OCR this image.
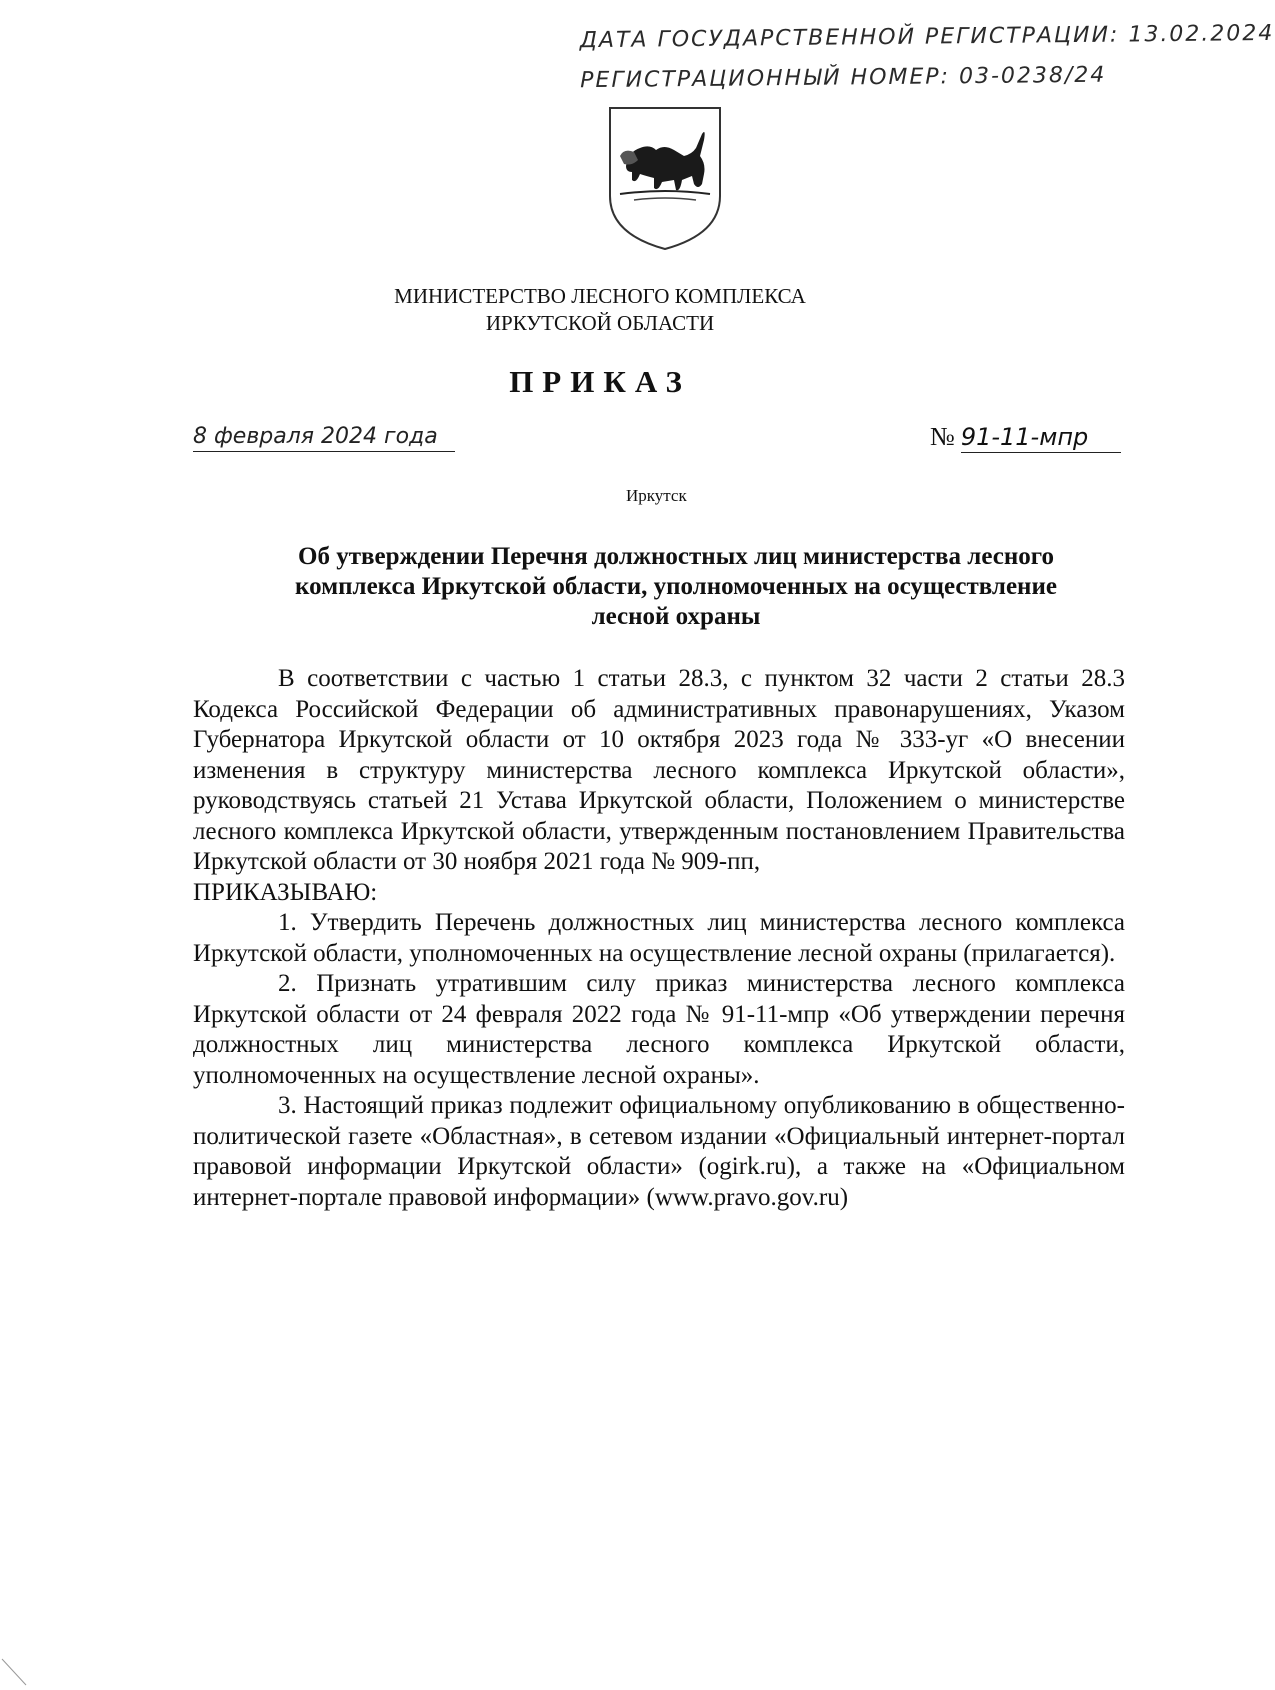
ДАТА ГОСУДАРСТВЕННОЙ РЕГИСТРАЦИИ: 13.02.2024
РЕГИСТРАЦИОННЫЙ НОМЕР: 03-0238/24
МИНИСТЕРСТВО ЛЕСНОГО КОМПЛЕКСА
ИРКУТСКОЙ ОБЛАСТИ
ПРИКАЗ
8 февраля 2024 года	№ 91-11-мпр
Иркутск
Об утверждении Перечня должностных лиц министерства лесного
комплекса Иркутской области, уполномоченных на осуществление
лесной охраны

В соответствии с частью 1 статьи 28.3, с пунктом 32 части 2 статьи 28.3 Кодекса Российской Федерации об административных правонарушениях, Указом Губернатора Иркутской области от 10 октября 2023 года № 333-уг «О внесении изменения в структуру министерства лесного комплекса Иркутской области», руководствуясь статьей 21 Устава Иркутской области, Положением о министерстве лесного комплекса Иркутской области, утвержденным постановлением Правительства Иркутской области от 30 ноября 2021 года № 909-пп,

ПРИКАЗЫВАЮ:

1. Утвердить Перечень должностных лиц министерства лесного комплекса Иркутской области, уполномоченных на осуществление лесной охраны (прилагается).

2. Признать утратившим силу приказ министерства лесного комплекса Иркутской области от 24 февраля 2022 года № 91-11-мпр «Об утверждении перечня должностных лиц министерства лесного комплекса Иркутской области, уполномоченных на осуществление лесной охраны».

3. Настоящий приказ подлежит официальному опубликованию в общественно-политической газете «Областная», в сетевом издании «Официальный интернет-портал правовой информации Иркутской области» (ogirk.ru), а также на «Официальном интернет-портале правовой информации» (www.pravo.gov.ru)
